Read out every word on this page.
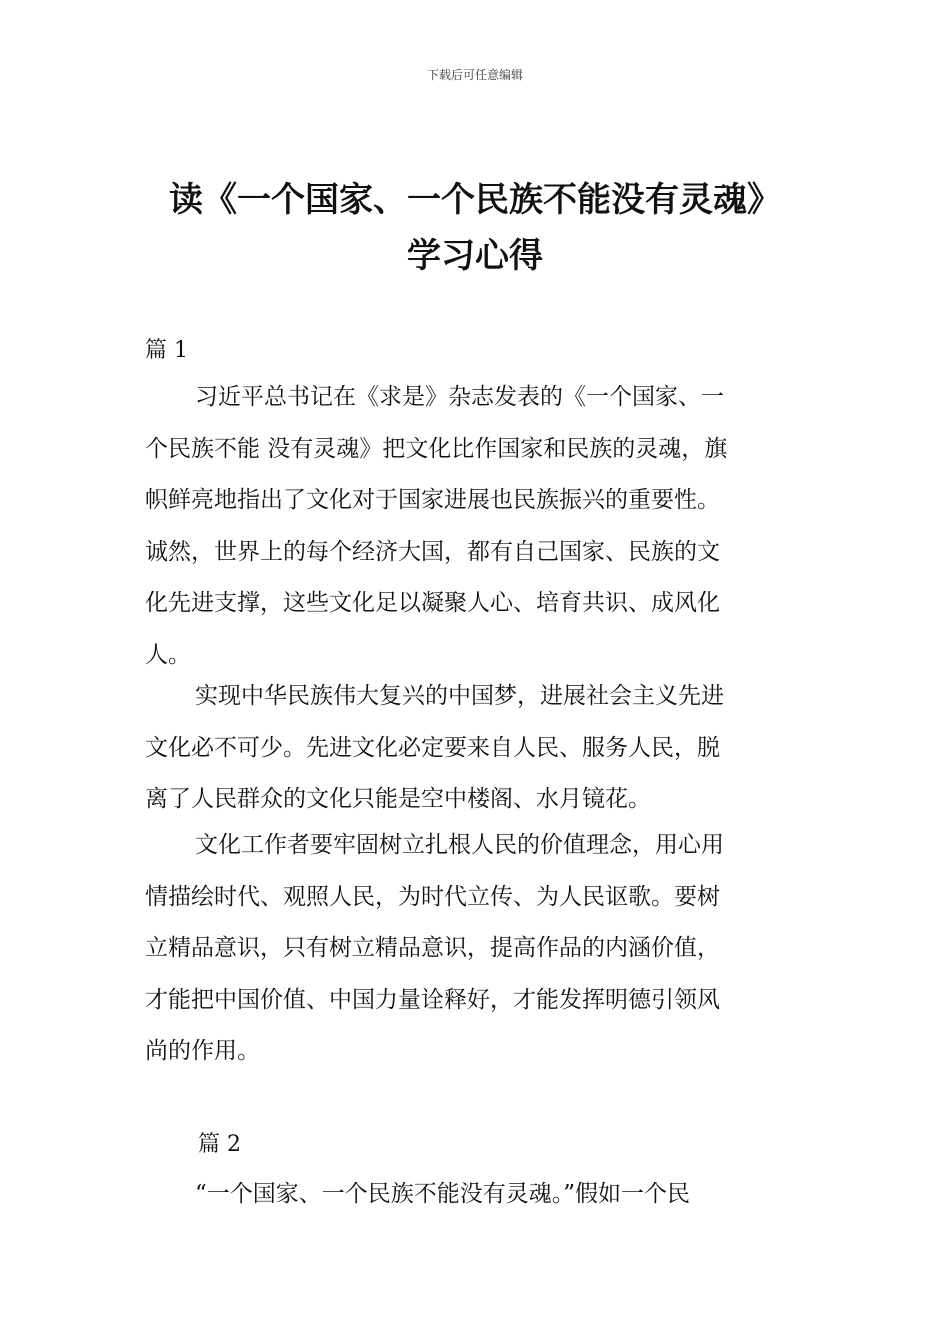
下载后可任意编辑
读《一个国家、一个民族不能没有灵魂》
学习心得
篇 1
习近平总书记在《求是》杂志发表的《一个国家、一
个民族不能 没有灵魂》把文化比作国家和民族的灵魂，旗
帜鲜亮地指出了文化对于国家进展也民族振兴的重要性。
诚然，世界上的每个经济大国，都有自己国家、民族的文
化先进支撑，这些文化足以凝聚人心、培育共识、成风化
人。
实现中华民族伟大复兴的中国梦，进展社会主义先进
文化必不可少。先进文化必定要来自人民、服务人民，脱
离了人民群众的文化只能是空中楼阁、水月镜花。
文化工作者要牢固树立扎根人民的价值理念，用心用
情描绘时代、观照人民，为时代立传、为人民讴歌。要树
立精品意识，只有树立精品意识，提高作品的内涵价值，
才能把中国价值、中国力量诠释好，才能发挥明德引领风
尚的作用。
篇 2
“一个国家、一个民族不能没有灵魂。”假如一个民
